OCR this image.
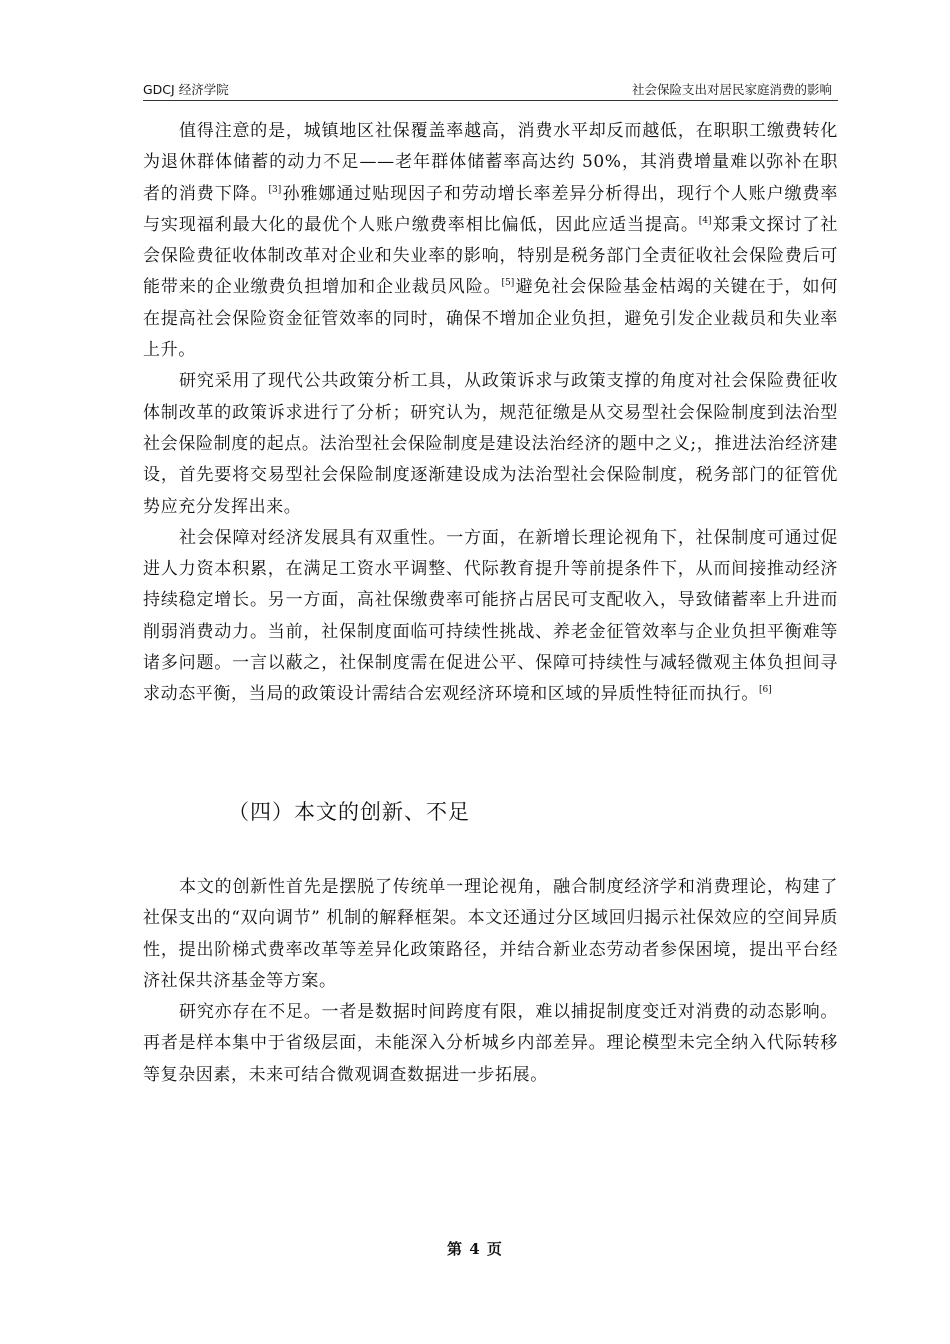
GDCJ 经济学院	社会保险支出对居民家庭消费的影响

值得注意的是，城镇地区社保覆盖率越高，消费水平却反而越低，在职职工缴费转化为退休群体储蓄的动力不足——老年群体储蓄率高达约 50%，其消费增量难以弥补在职者的消费下降。[3]孙雅娜通过贴现因子和劳动增长率差异分析得出，现行个人账户缴费率与实现福利最大化的最优个人账户缴费率相比偏低，因此应适当提高。[4]郑秉文探讨了社会保险费征收体制改革对企业和失业率的影响，特别是税务部门全责征收社会保险费后可能带来的企业缴费负担增加和企业裁员风险。[5]避免社会保险基金枯竭的关键在于，如何在提高社会保险资金征管效率的同时，确保不增加企业负担，避免引发企业裁员和失业率上升。

研究采用了现代公共政策分析工具，从政策诉求与政策支撑的角度对社会保险费征收体制改革的政策诉求进行了分析；研究认为，规范征缴是从交易型社会保险制度到法治型社会保险制度的起点。法治型社会保险制度是建设法治经济的题中之义;，推进法治经济建设，首先要将交易型社会保险制度逐渐建设成为法治型社会保险制度，税务部门的征管优势应充分发挥出来。

社会保障对经济发展具有双重性。一方面，在新增长理论视角下，社保制度可通过促进人力资本积累，在满足工资水平调整、代际教育提升等前提条件下，从而间接推动经济持续稳定增长。另一方面，高社保缴费率可能挤占居民可支配收入，导致储蓄率上升进而削弱消费动力。当前，社保制度面临可持续性挑战、养老金征管效率与企业负担平衡难等诸多问题。一言以蔽之，社保制度需在促进公平、保障可持续性与减轻微观主体负担间寻求动态平衡，当局的政策设计需结合宏观经济环境和区域的异质性特征而执行。[6]

（四）本文的创新、不足

本文的创新性首先是摆脱了传统单一理论视角，融合制度经济学和消费理论，构建了社保支出的“双向调节” 机制的解释框架。本文还通过分区域回归揭示社保效应的空间异质性，提出阶梯式费率改革等差异化政策路径，并结合新业态劳动者参保困境，提出平台经济社保共济基金等方案。

研究亦存在不足。一者是数据时间跨度有限，难以捕捉制度变迁对消费的动态影响。再者是样本集中于省级层面，未能深入分析城乡内部差异。理论模型未完全纳入代际转移等复杂因素，未来可结合微观调查数据进一步拓展。

第 4 页
